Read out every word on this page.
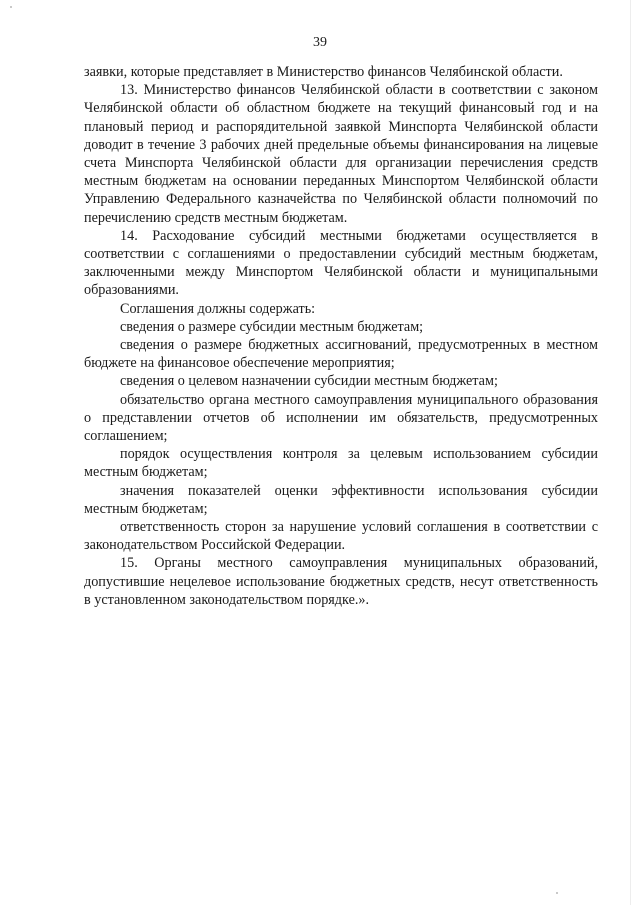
39

заявки, которые представляет в Министерство финансов Челябинской области.

13. Министерство финансов Челябинской области в соответствии с законом Челябинской области об областном бюджете на текущий финансовый год и на плановый период и распорядительной заявкой Минспорта Челябинской области доводит в течение 3 рабочих дней предельные объемы финансирования на лицевые счета Минспорта Челябинской области для организации перечисления средств местным бюджетам на основании переданных Минспортом Челябинской области Управлению Федерального казначейства по Челябинской области полномочий по перечислению средств местным бюджетам.

14. Расходование субсидий местными бюджетами осуществляется в соответствии с соглашениями о предоставлении субсидий местным бюджетам, заключенными между Минспортом Челябинской области и муниципальными образованиями.

Соглашения должны содержать:

сведения о размере субсидии местным бюджетам;

сведения о размере бюджетных ассигнований, предусмотренных в местном бюджете на финансовое обеспечение мероприятия;

сведения о целевом назначении субсидии местным бюджетам;

обязательство органа местного самоуправления муниципального образования о представлении отчетов об исполнении им обязательств, предусмотренных соглашением;

порядок осуществления контроля за целевым использованием субсидии местным бюджетам;

значения показателей оценки эффективности использования субсидии местным бюджетам;

ответственность сторон за нарушение условий соглашения в соответствии с законодательством Российской Федерации.

15. Органы местного самоуправления муниципальных образований, допустившие нецелевое использование бюджетных средств, несут ответственность в установленном законодательством порядке.».
